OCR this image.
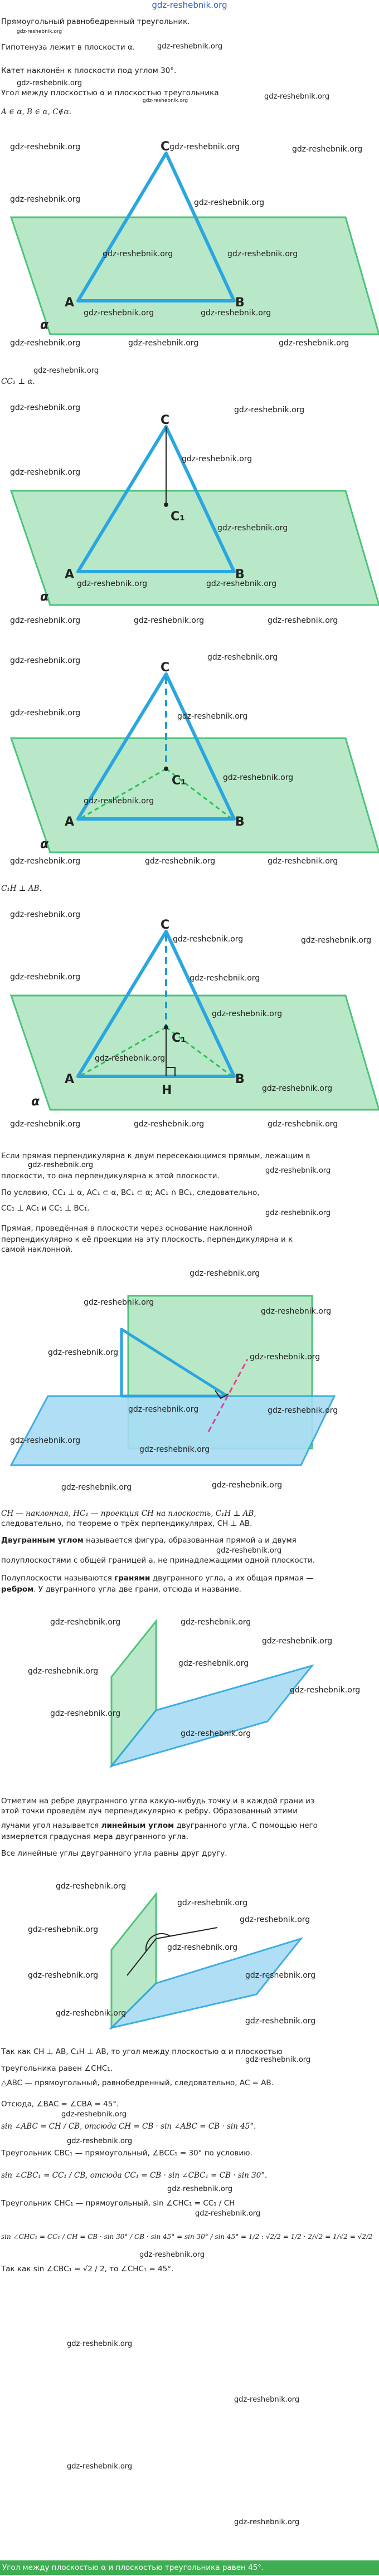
gdz-reshebnik.org
Прямоугольный равнобедренный треугольник.
gdz-reshebnik.org
Гипотенуза лежит в плоскости α.	gdz-reshebnik.org
Катет наклонён к плоскости под углом 30°.
gdz-reshebnik.org
Угол между плоскостью α и плоскостью треугольника
gdz-reshebnik.org	gdz-reshebnik.org
A ∈ α, B ∈ α, C∉α.
C
A	B
α
gdz-reshebnik.org	gdz-reshebnik.org	gdz-reshebnik.org
gdz-reshebnik.org	gdz-reshebnik.org
gdz-reshebnik.org	gdz-reshebnik.org
gdz-reshebnik.org	gdz-reshebnik.org
gdz-reshebnik.org	gdz-reshebnik.org	gdz-reshebnik.org
CC₁ ⊥ α.
gdz-reshebnik.org
C
C₁
A	B
α
gdz-reshebnik.org	gdz-reshebnik.org
gdz-reshebnik.org
gdz-reshebnik.org
gdz-reshebnik.org
gdz-reshebnik.org	gdz-reshebnik.org
gdz-reshebnik.org	gdz-reshebnik.org	gdz-reshebnik.org
C
C₁
A	B
α
gdz-reshebnik.org	gdz-reshebnik.org
gdz-reshebnik.org	gdz-reshebnik.org
gdz-reshebnik.org
gdz-reshebnik.org
gdz-reshebnik.org	gdz-reshebnik.org	gdz-reshebnik.org
C₁H ⊥ AB.
C
C₁
A	B
H
α
gdz-reshebnik.org
gdz-reshebnik.org	gdz-reshebnik.org
gdz-reshebnik.org	gdz-reshebnik.org
gdz-reshebnik.org
gdz-reshebnik.org
gdz-reshebnik.org
gdz-reshebnik.org	gdz-reshebnik.org	gdz-reshebnik.org
Если прямая перпендикулярна к двум пересекающимся прямым, лежащим в
gdz-reshebnik.org
плоскости, то она перпендикулярна к этой плоскости.
gdz-reshebnik.org
По условию, CC₁ ⊥ α, AC₁ ⊂ α, BC₁ ⊂ α; AC₁ ∩ BC₁, следовательно,
CC₁ ⊥ AC₁ и CC₁ ⊥ BC₁.
gdz-reshebnik.org
Прямая, проведённая в плоскости через основание наклонной
перпендикулярно к её проекции на эту плоскость, перпендикулярна и к
самой наклонной.
gdz-reshebnik.org
gdz-reshebnik.org
gdz-reshebnik.org
gdz-reshebnik.org	gdz-reshebnik.org
gdz-reshebnik.org	gdz-reshebnik.org
gdz-reshebnik.org
gdz-reshebnik.org
gdz-reshebnik.org
gdz-reshebnik.org
CH — наклонная, HC₁ — проекция CH на плоскость, C₁H ⊥ AB,
следовательно, по теореме о трёх перпендикулярах, CH ⊥ AB.
Двугранным углом называется фигура, образованная прямой a и двумя
gdz-reshebnik.org
полуплоскостями с общей границей a, не принадлежащими одной плоскости.
Полуплоскости называются гранями двугранного угла, а их общая прямая —
ребром. У двугранного угла две грани, отсюда и название.
gdz-reshebnik.org	gdz-reshebnik.org
gdz-reshebnik.org
gdz-reshebnik.org
gdz-reshebnik.org
gdz-reshebnik.org
gdz-reshebnik.org
gdz-reshebnik.org
Отметим на ребре двугранного угла какую-нибудь точку и в каждой грани из
этой точки проведём луч перпендикулярно к ребру. Образованный этими
лучами угол называется линейным углом двугранного угла. С помощью него
измеряется градусная мера двугранного угла.
Все линейные углы двугранного угла равны друг другу.
gdz-reshebnik.org
gdz-reshebnik.org
gdz-reshebnik.org
gdz-reshebnik.org
gdz-reshebnik.org
gdz-reshebnik.org	gdz-reshebnik.org
gdz-reshebnik.org
gdz-reshebnik.org
Так как CH ⊥ AB, C₁H ⊥ AB, то угол между плоскостью α и плоскостью
gdz-reshebnik.org
треугольника равен ∠CHC₁.
△ABC — прямоугольный, равнобедренный, следовательно, AC = AB.
Отсюда, ∠BAC = ∠CBA = 45°.
gdz-reshebnik.org
sin ∠ABC = CH / CB, отсюда CH = CB · sin ∠ABC = CB · sin 45°.
gdz-reshebnik.org
Треугольник CBC₁ — прямоугольный, ∠BCC₁ = 30° по условию.
sin ∠CBC₁ = CC₁ / CB, отсюда CC₁ = CB · sin ∠CBC₁ = CB · sin 30°.
gdz-reshebnik.org
Треугольник CHC₁ — прямоугольный, sin ∠CHC₁ = CC₁ / CH
gdz-reshebnik.org
sin ∠CHC₁ = CC₁ / CH = CB · sin 30° / CB · sin 45° = sin 30° / sin 45° = 1/2 : √2/2 = 1/2 · 2/√2 = 1/√2 = √2/2
gdz-reshebnik.org
Так как sin ∠CBC₁ = √2 / 2, то ∠CHC₁ = 45°.
gdz-reshebnik.org
gdz-reshebnik.org
gdz-reshebnik.org
gdz-reshebnik.org
Угол между плоскостью α и плоскостью треугольника равен 45°.
